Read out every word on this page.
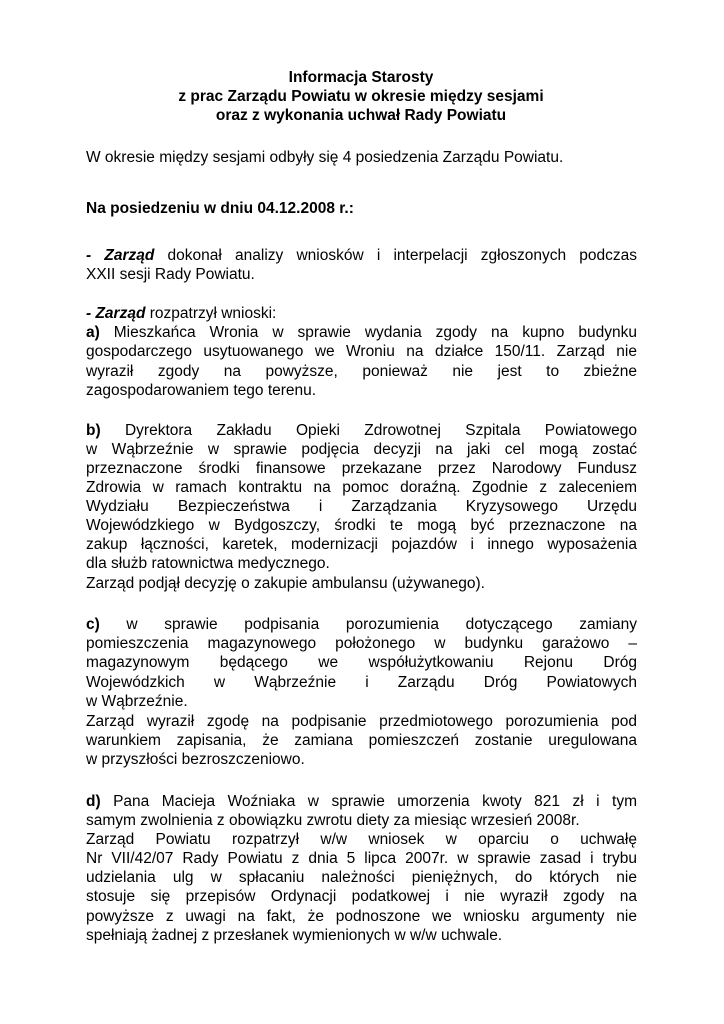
Informacja Starosty
z prac Zarządu Powiatu w okresie między sesjami
oraz z wykonania uchwał Rady Powiatu
W okresie między sesjami odbyły się 4 posiedzenia Zarządu Powiatu.
Na posiedzeniu w dniu 04.12.2008 r.:
- Zarząd dokonał analizy wniosków i interpelacji zgłoszonych podczas
XXII sesji Rady Powiatu.
- Zarząd rozpatrzył wnioski:
a) Mieszkańca Wronia w sprawie wydania zgody na kupno budynku
gospodarczego usytuowanego we Wroniu na działce 150/11. Zarząd nie
wyraził zgody na powyższe, ponieważ nie jest to zbieżne
zagospodarowaniem tego terenu.
b) Dyrektora Zakładu Opieki Zdrowotnej Szpitala Powiatowego
w Wąbrzeźnie w sprawie podjęcia decyzji na jaki cel mogą zostać
przeznaczone środki finansowe przekazane przez Narodowy Fundusz
Zdrowia w ramach kontraktu na pomoc doraźną. Zgodnie z zaleceniem
Wydziału Bezpieczeństwa i Zarządzania Kryzysowego Urzędu
Wojewódzkiego w Bydgoszczy, środki te mogą być przeznaczone na
zakup łączności, karetek, modernizacji pojazdów i innego wyposażenia
dla służb ratownictwa medycznego.
Zarząd podjął decyzję o zakupie ambulansu (używanego).
c) w sprawie podpisania porozumienia dotyczącego zamiany
pomieszczenia magazynowego położonego w budynku garażowo –
magazynowym będącego we współużytkowaniu Rejonu Dróg
Wojewódzkich w Wąbrzeźnie i Zarządu Dróg Powiatowych
w Wąbrzeźnie.
Zarząd wyraził zgodę na podpisanie przedmiotowego porozumienia pod
warunkiem zapisania, że zamiana pomieszczeń zostanie uregulowana
w przyszłości bezroszczeniowo.
d) Pana Macieja Woźniaka w sprawie umorzenia kwoty 821 zł i tym
samym zwolnienia z obowiązku zwrotu diety za miesiąc wrzesień 2008r.
Zarząd Powiatu rozpatrzył w/w wniosek w oparciu o uchwałę
Nr VII/42/07 Rady Powiatu z dnia 5 lipca 2007r. w sprawie zasad i trybu
udzielania ulg w spłacaniu należności pieniężnych, do których nie
stosuje się przepisów Ordynacji podatkowej i nie wyraził zgody na
powyższe z uwagi na fakt, że podnoszone we wniosku argumenty nie
spełniają żadnej z przesłanek wymienionych w w/w uchwale.
